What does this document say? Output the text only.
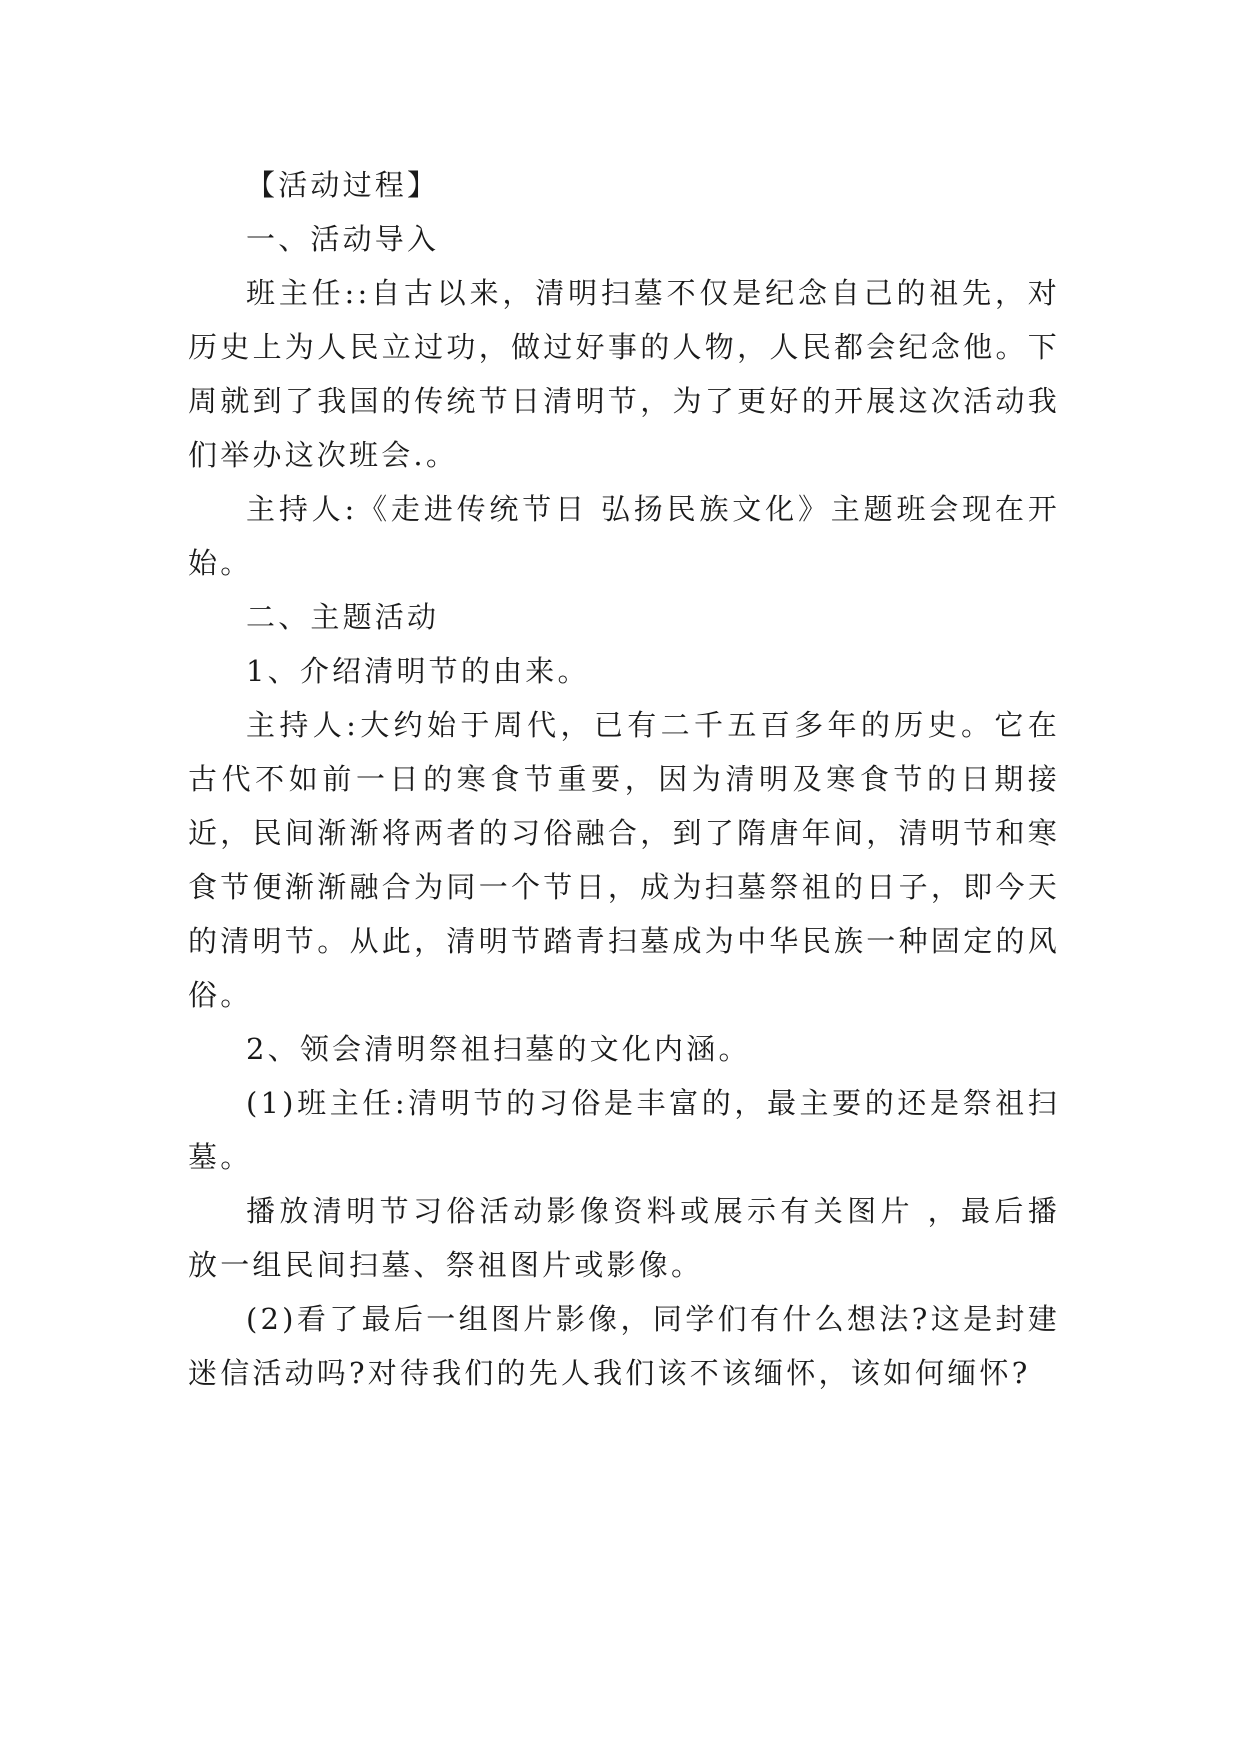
【活动过程】

一、活动导入

班主任::自古以来，清明扫墓不仅是纪念自己的祖先，对历史上为人民立过功，做过好事的人物，人民都会纪念他。下周就到了我国的传统节日清明节，为了更好的开展这次活动我们举办这次班会.。

主持人:《走进传统节日 弘扬民族文化》主题班会现在开始。

二、主题活动

1、介绍清明节的由来。

主持人:大约始于周代，已有二千五百多年的历史。它在古代不如前一日的寒食节重要，因为清明及寒食节的日期接近，民间渐渐将两者的习俗融合，到了隋唐年间，清明节和寒食节便渐渐融合为同一个节日，成为扫墓祭祖的日子，即今天的清明节。从此，清明节踏青扫墓成为中华民族一种固定的风俗。

2、领会清明祭祖扫墓的文化内涵。

(1)班主任:清明节的习俗是丰富的，最主要的还是祭祖扫墓。

播放清明节习俗活动影像资料或展示有关图片 ，最后播放一组民间扫墓、祭祖图片或影像。

(2)看了最后一组图片影像，同学们有什么想法?这是封建迷信活动吗?对待我们的先人我们该不该缅怀，该如何缅怀?
